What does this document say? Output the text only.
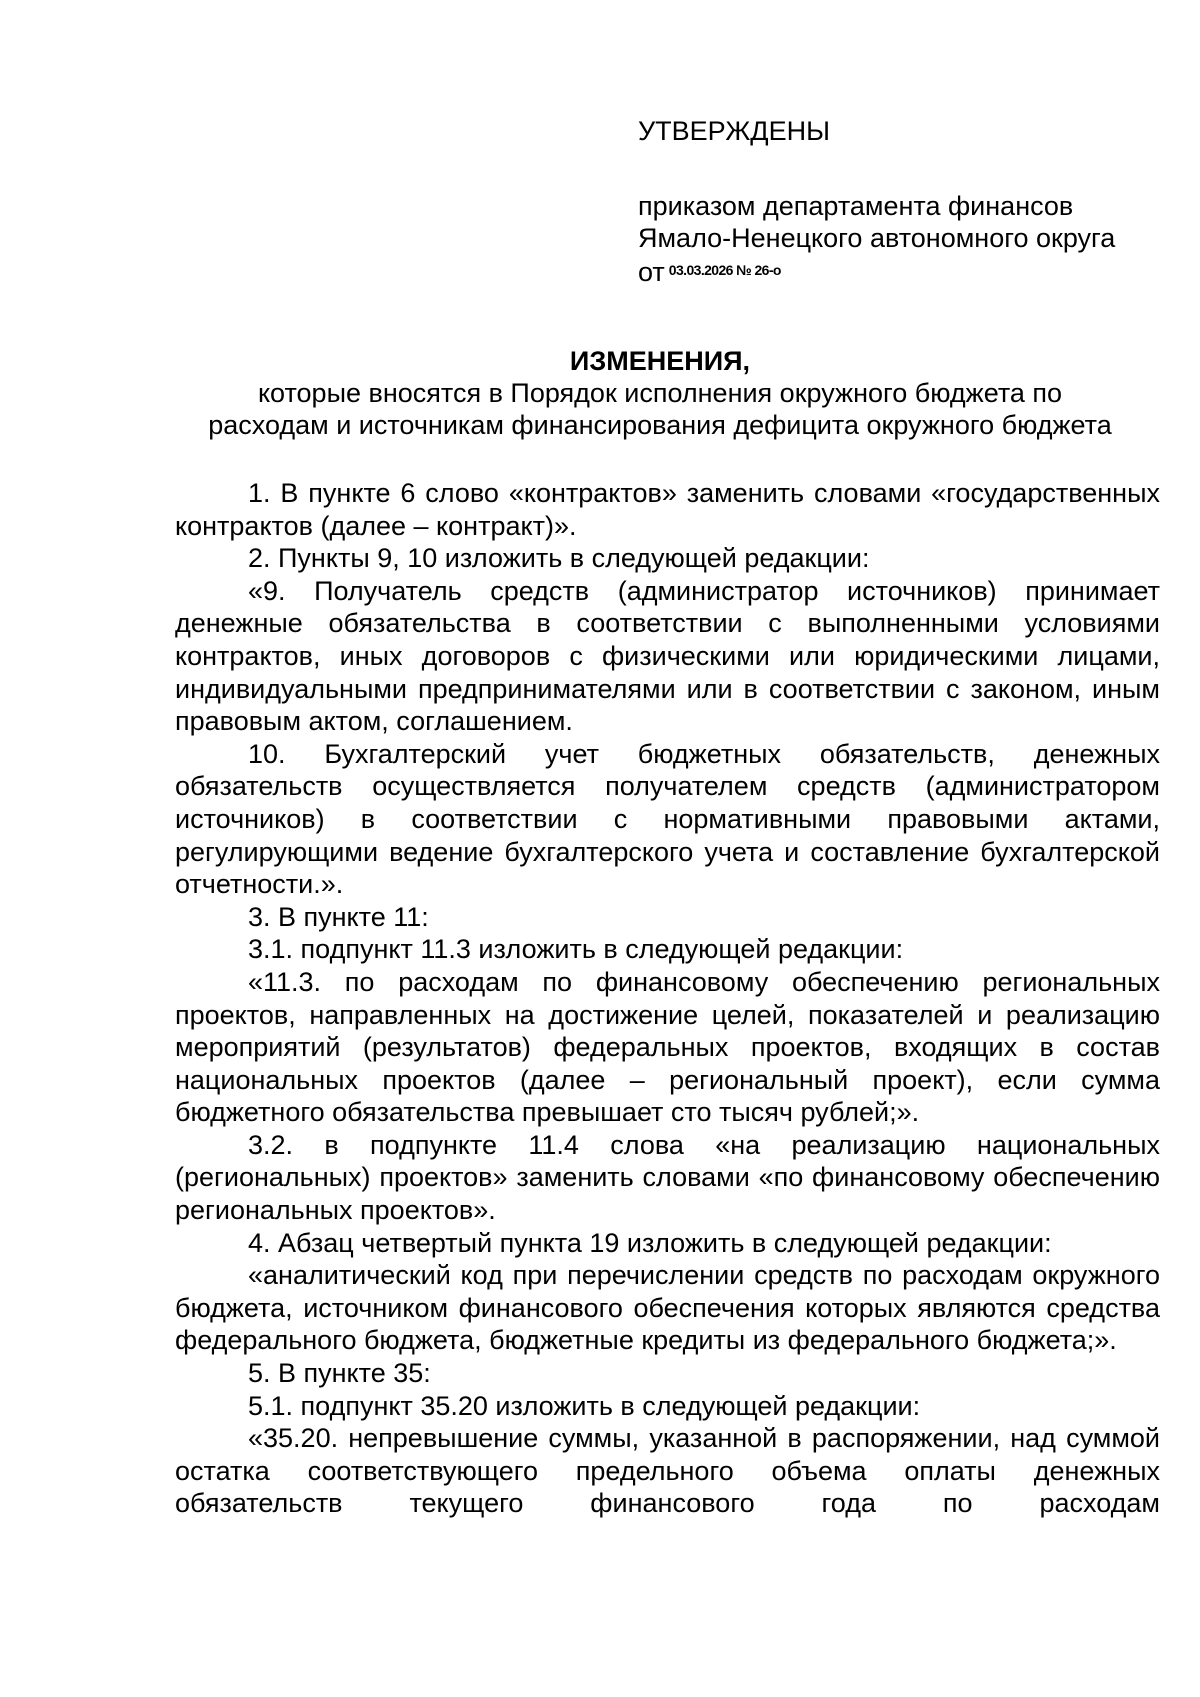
УТВЕРЖДЕНЫ
приказом департамента финансов
Ямало-Ненецкого автономного округа
от $^{03.03.2026 № 26-о}$
ИЗМЕНЕНИЯ,
которые вносятся в Порядок исполнения окружного бюджета по
расходам и источникам финансирования дефицита окружного бюджета

1. В пункте 6 слово «контрактов» заменить словами «государственных контрактов (далее – контракт)».

2. Пункты 9, 10 изложить в следующей редакции:

«9. Получатель средств (администратор источников) принимает денежные обязательства в соответствии с выполненными условиями контрактов, иных договоров с физическими или юридическими лицами, индивидуальными предпринимателями или в соответствии с законом, иным правовым актом, соглашением.

10. Бухгалтерский учет бюджетных обязательств, денежных обязательств осуществляется получателем средств (администратором источников) в соответствии с нормативными правовыми актами, регулирующими ведение бухгалтерского учета и составление бухгалтерской отчетности.».

3. В пункте 11:

3.1. подпункт 11.3 изложить в следующей редакции:

«11.3. по расходам по финансовому обеспечению региональных проектов, направленных на достижение целей, показателей и реализацию мероприятий (результатов) федеральных проектов, входящих в состав национальных проектов (далее – региональный проект), если сумма бюджетного обязательства превышает сто тысяч рублей;».

3.2. в подпункте 11.4 слова «на реализацию национальных (региональных) проектов» заменить словами «по финансовому обеспечению региональных проектов».

4. Абзац четвертый пункта 19 изложить в следующей редакции:

«аналитический код при перечислении средств по расходам окружного бюджета, источником финансового обеспечения которых являются средства федерального бюджета, бюджетные кредиты из федерального бюджета;».

5. В пункте 35:

5.1. подпункт 35.20 изложить в следующей редакции:

«35.20. непревышение суммы, указанной в распоряжении, над суммой остатка соответствующего предельного объема оплаты денежных обязательств текущего финансового года по расходам
